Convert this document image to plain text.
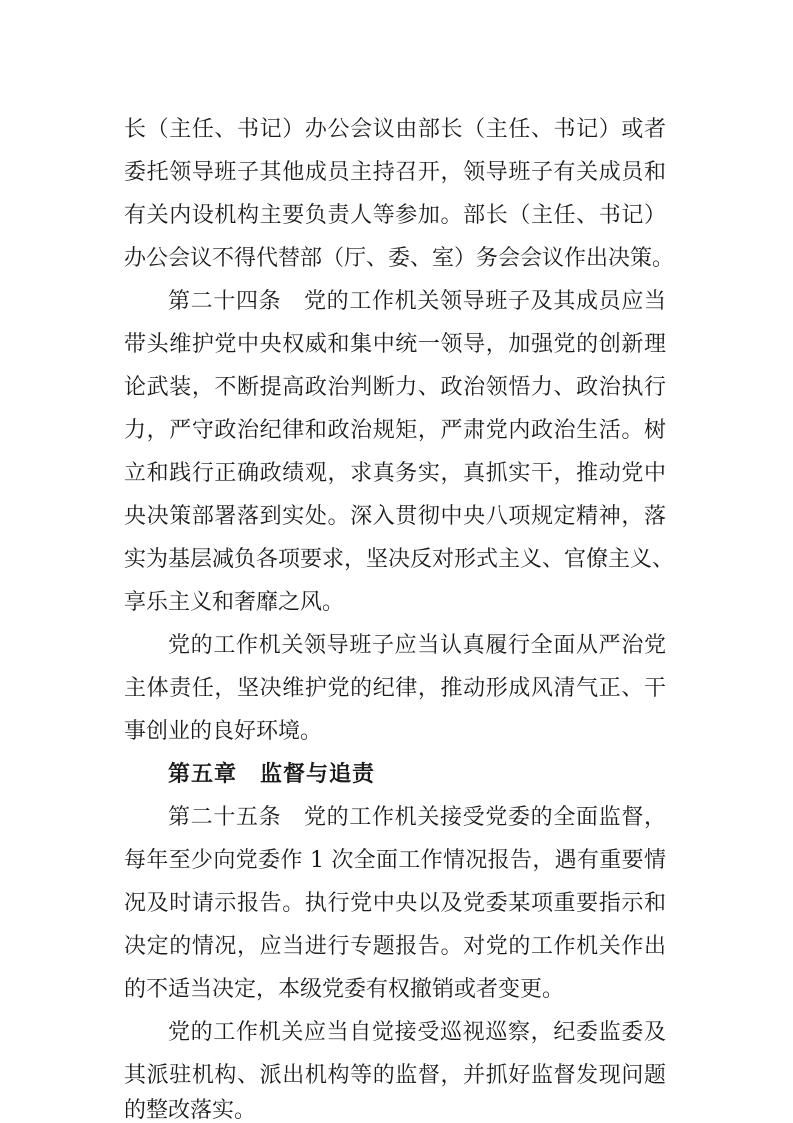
长（主任、书记）办公会议由部长（主任、书记）或者
委托领导班子其他成员主持召开，领导班子有关成员和
有关内设机构主要负责人等参加。部长（主任、书记）
办公会议不得代替部（厅、委、室）务会会议作出决策。
第二十四条　党的工作机关领导班子及其成员应当
带头维护党中央权威和集中统一领导，加强党的创新理
论武装，不断提高政治判断力、政治领悟力、政治执行
力，严守政治纪律和政治规矩，严肃党内政治生活。树
立和践行正确政绩观，求真务实，真抓实干，推动党中
央决策部署落到实处。深入贯彻中央八项规定精神，落
实为基层减负各项要求，坚决反对形式主义、官僚主义、
享乐主义和奢靡之风。
党的工作机关领导班子应当认真履行全面从严治党
主体责任，坚决维护党的纪律，推动形成风清气正、干
事创业的良好环境。
第五章　监督与追责
第二十五条　党的工作机关接受党委的全面监督，
每年至少向党委作 1 次全面工作情况报告，遇有重要情
况及时请示报告。执行党中央以及党委某项重要指示和
决定的情况，应当进行专题报告。对党的工作机关作出
的不适当决定，本级党委有权撤销或者变更。
党的工作机关应当自觉接受巡视巡察，纪委监委及
其派驻机构、派出机构等的监督，并抓好监督发现问题
的整改落实。
